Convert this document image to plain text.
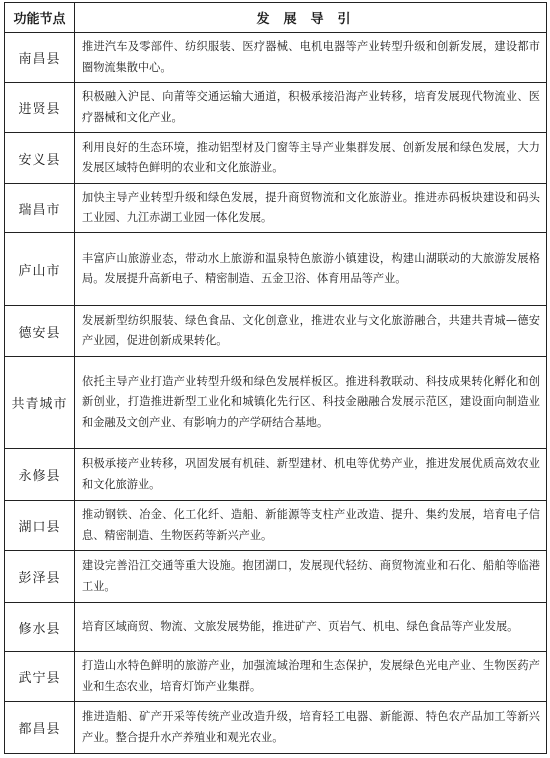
功能节点	发展导引
南昌县	推进汽车及零部件、纺织服装、医疗器械、电机电器等产业转型升级和创新发展，建设都市圈物流集散中心。
进贤县	积极融入沪昆、向莆等交通运输大通道，积极承接沿海产业转移，培育发展现代物流业、医疗器械和文化产业。
安义县	利用良好的生态环境，推动铝型材及门窗等主导产业集群发展、创新发展和绿色发展，大力发展区域特色鲜明的农业和文化旅游业。
瑞昌市	加快主导产业转型升级和绿色发展，提升商贸物流和文化旅游业。推进赤码板块建设和码头工业园、九江赤湖工业园一体化发展。
庐山市	丰富庐山旅游业态，带动水上旅游和温泉特色旅游小镇建设，构建山湖联动的大旅游发展格局。发展提升高新电子、精密制造、五金卫浴、体育用品等产业。
德安县	发展新型纺织服装、绿色食品、文化创意业，推进农业与文化旅游融合，共建共青城—德安产业园，促进创新成果转化。
共青城市	依托主导产业打造产业转型升级和绿色发展样板区。推进科教联动、科技成果转化孵化和创新创业，打造推进新型工业化和城镇化先行区、科技金融融合发展示范区，建设面向制造业和金融及文创产业、有影响力的产学研结合基地。
永修县	积极承接产业转移，巩固发展有机硅、新型建材、机电等优势产业，推进发展优质高效农业和文化旅游业。
湖口县	推动钢铁、冶金、化工化纤、造船、新能源等支柱产业改造、提升、集约发展，培育电子信息、精密制造、生物医药等新兴产业。
彭泽县	建设完善沿江交通等重大设施。抱团湖口，发展现代轻纺、商贸物流业和石化、船舶等临港工业。
修水县	培育区域商贸、物流、文旅发展势能，推进矿产、页岩气、机电、绿色食品等产业发展。
武宁县	打造山水特色鲜明的旅游产业，加强流域治理和生态保护，发展绿色光电产业、生物医药产业和生态农业，培育灯饰产业集群。
都昌县	推进造船、矿产开采等传统产业改造升级，培育轻工电器、新能源、特色农产品加工等新兴产业。整合提升水产养殖业和观光农业。
